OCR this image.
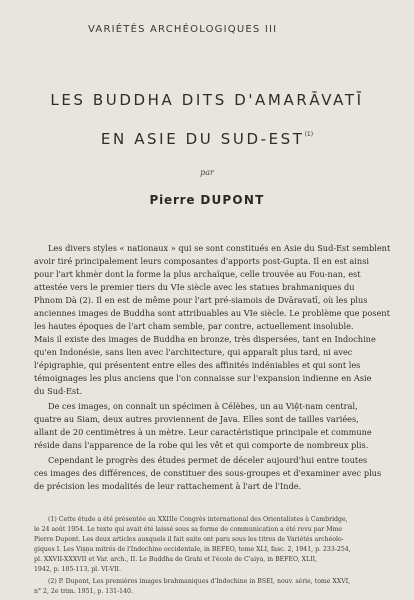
VARIÉTÉS ARCHÉOLOGIQUES III
LES BUDDHA DITS D'AMARĀVATĪ
EN ASIE DU SUD-EST$^{(1)}$
par
Pierre DUPONT
Les divers styles « nationaux » qui se sont constitués en Asie du Sud-Est semblent
avoir tiré principalement leurs composantes d'apports post-Gupta. Il en est ainsi
pour l'art khmèr dont la forme la plus archaïque, celle trouvée au Fou-nan, est
attestée vers le premier tiers du VIe siècle avec les statues brahmaniques du
Phnom Dà (2). Il en est de même pour l'art pré-siamois de Dvāravatī, où les plus
anciennes images de Buddha sont attribuables au VIe siècle. Le problème que posent
les hautes époques de l'art cham semble, par contre, actuellement insoluble.
Mais il existe des images de Buddha en bronze, très dispersées, tant en Indochine
qu'en Indonésie, sans lien avec l'architecture, qui apparaît plus tard, ni avec
l'épigraphie, qui présentent entre elles des affinités indéniables et qui sont les
témoignages les plus anciens que l'on connaisse sur l'expansion indienne en Asie
du Sud-Est.
De ces images, on connaît un spécimen à Célèbes, un au Việt-nam central,
quatre au Siam, deux autres proviennent de Java. Elles sont de tailles variées,
allant de 20 centimètres à un mètre. Leur caractéristique principale et commune
réside dans l'apparence de la robe qui les vêt et qui comporte de nombreux plis.
Cependant le progrès des études permet de déceler aujourd'hui entre toutes
ces images des différences, de constituer des sous-groupes et d'examiner avec plus
de précision les modalités de leur rattachement à l'art de l'Inde.
(1) Cette étude a été présentée au XXIIIe Congrès international des Orientalistes à Cambridge,
le 24 août 1954. Le texte qui avait été laissé sous sa forme de communication a été revu par Mme
Pierre Dupont. Les deux articles auxquels il fait suite ont paru sous les titres de Variétés archéolo-
giques I. Les Viṣṇu mitrés de l'Indochine occidentale, in BEFEO, tome XLI, fasc. 2, 1941, p. 233-254,
pl. XXVII-XXXVII et Var. arch., II. Le Buddha de Grahi et l'école de C'aiya, in BEFEO, XLII,
1942, p. 105-113, pl. VI-VII.
(2) P. Dupont, Les premières images brahmaniques d'Indochine in BSEI, nouv. série, tome XXVI,
n° 2, 2e trim. 1951, p. 131-140.
